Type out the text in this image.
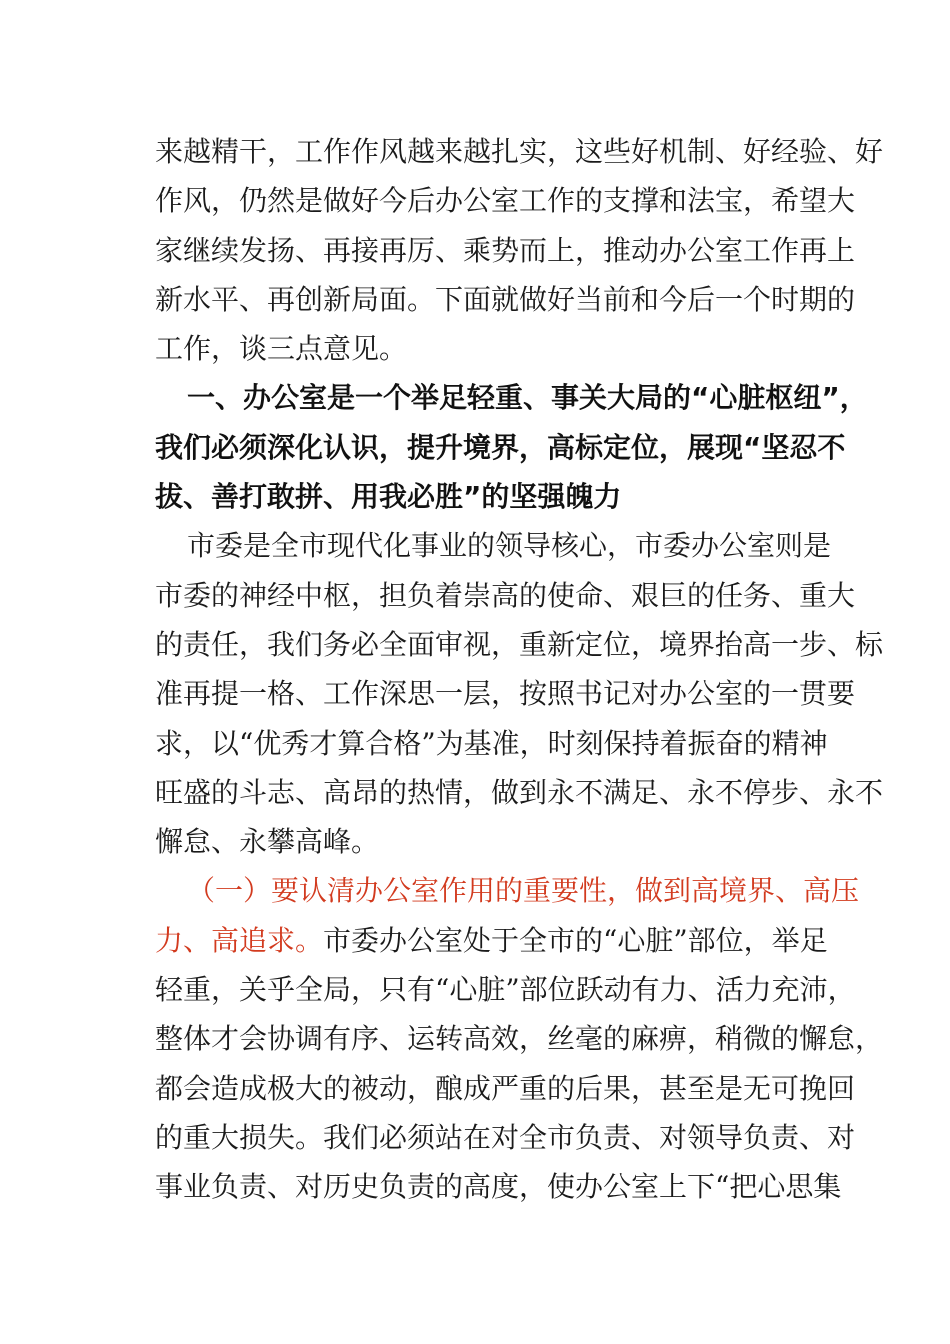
来越精干，工作作风越来越扎实，这些好机制、好经验、好
作风，仍然是做好今后办公室工作的支撑和法宝，希望大
家继续发扬、再接再厉、乘势而上，推动办公室工作再上
新水平、再创新局面。下面就做好当前和今后一个时期的
工作，谈三点意见。
一、办公室是一个举足轻重、事关大局的“心脏枢纽”，
我们必须深化认识，提升境界，高标定位，展现“坚忍不
拔、善打敢拼、用我必胜”的坚强魄力
市委是全市现代化事业的领导核心，市委办公室则是
市委的神经中枢，担负着崇高的使命、艰巨的任务、重大
的责任，我们务必全面审视，重新定位，境界抬高一步、标
准再提一格、工作深思一层，按照书记对办公室的一贯要
求，以“优秀才算合格”为基准，时刻保持着振奋的精神
旺盛的斗志、高昂的热情，做到永不满足、永不停步、永不
懈怠、永攀高峰。
（一）要认清办公室作用的重要性，做到高境界、高压
力、高追求。市委办公室处于全市的“心脏”部位，举足
轻重，关乎全局，只有“心脏”部位跃动有力、活力充沛，
整体才会协调有序、运转高效，丝毫的麻痹，稍微的懈怠，
都会造成极大的被动，酿成严重的后果，甚至是无可挽回
的重大损失。我们必须站在对全市负责、对领导负责、对
事业负责、对历史负责的高度，使办公室上下“把心思集
